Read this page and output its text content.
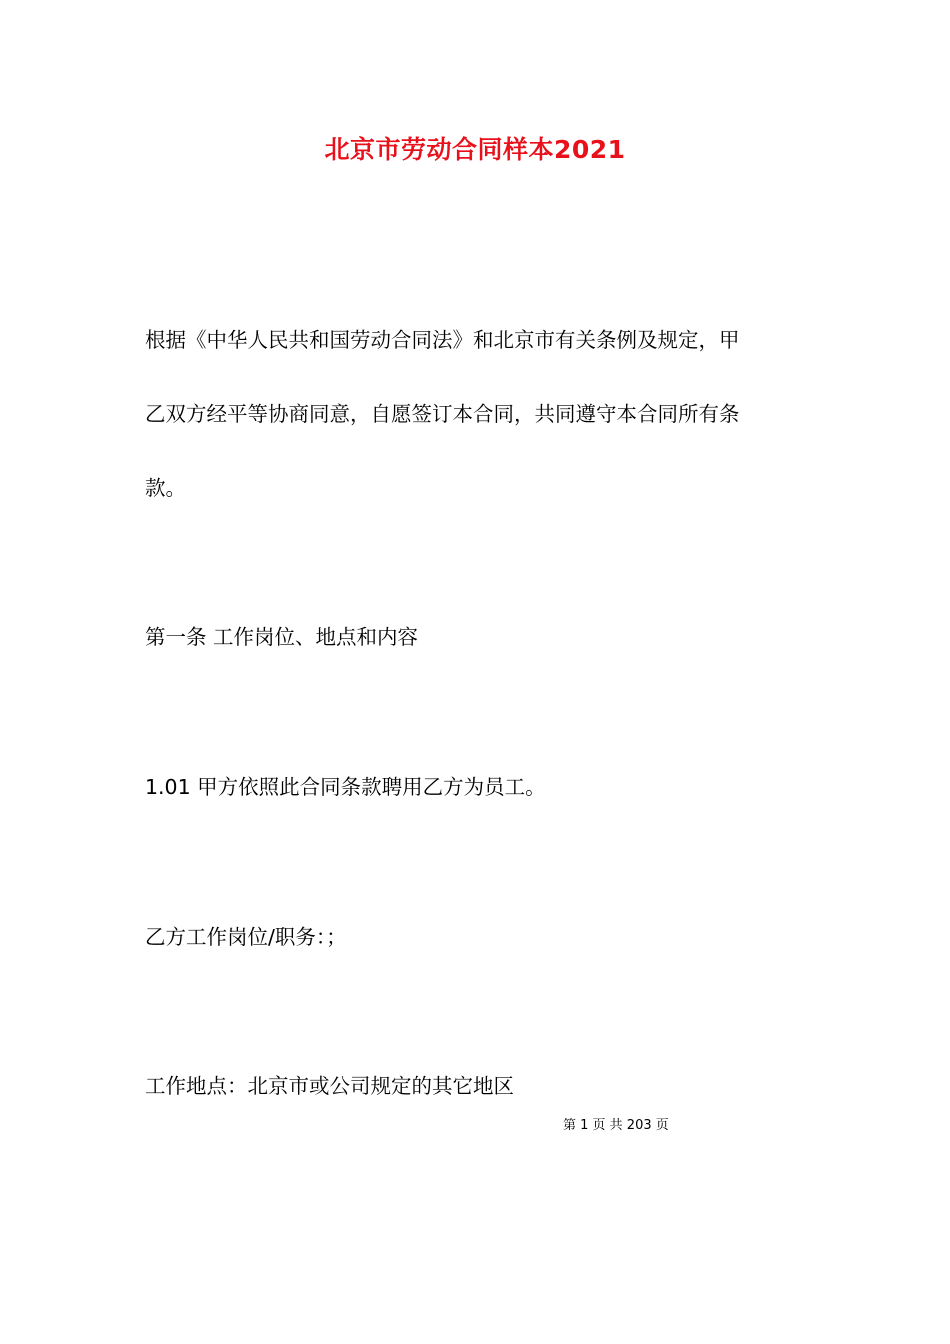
北京市劳动合同样本2021
根据《中华人民共和国劳动合同法》和北京市有关条例及规定，甲
乙双方经平等协商同意，自愿签订本合同，共同遵守本合同所有条
款。
第一条 工作岗位、地点和内容
1.01 甲方依照此合同条款聘用乙方为员工。
乙方工作岗位/职务：；
工作地点：北京市或公司规定的其它地区
第 1 页 共 203 页
